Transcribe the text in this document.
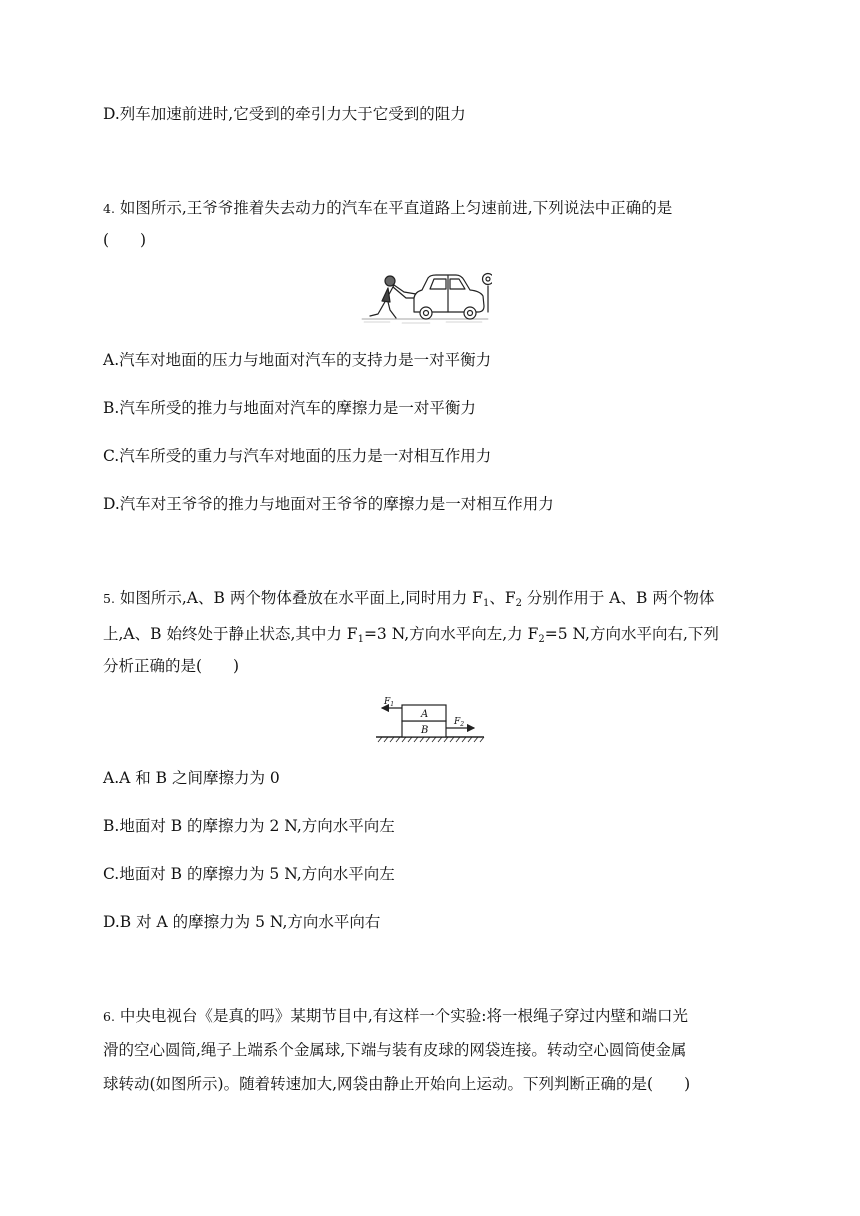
D.列车加速前进时,它受到的牵引力大于它受到的阻力
4. 如图所示,王爷爷推着失去动力的汽车在平直道路上匀速前进,下列说法中正确的是
(　　)
A.汽车对地面的压力与地面对汽车的支持力是一对平衡力
B.汽车所受的推力与地面对汽车的摩擦力是一对平衡力
C.汽车所受的重力与汽车对地面的压力是一对相互作用力
D.汽车对王爷爷的推力与地面对王爷爷的摩擦力是一对相互作用力
5. 如图所示,A、B 两个物体叠放在水平面上,同时用力 $F_1$、$F_2$ 分别作用于 A、B 两个物体
上,A、B 始终处于静止状态,其中力 $F_1=3$ N,方向水平向左,力 $F_2=5$ N,方向水平向右,下列
分析正确的是(　　)
A
B
$F_1$
$F_2$
A.A 和 B 之间摩擦力为 0
B.地面对 B 的摩擦力为 2 N,方向水平向左
C.地面对 B 的摩擦力为 5 N,方向水平向左
D.B 对 A 的摩擦力为 5 N,方向水平向右
6. 中央电视台《是真的吗》某期节目中,有这样一个实验:将一根绳子穿过内壁和端口光
滑的空心圆筒,绳子上端系个金属球,下端与装有皮球的网袋连接。转动空心圆筒使金属
球转动(如图所示)。随着转速加大,网袋由静止开始向上运动。下列判断正确的是(　　)
